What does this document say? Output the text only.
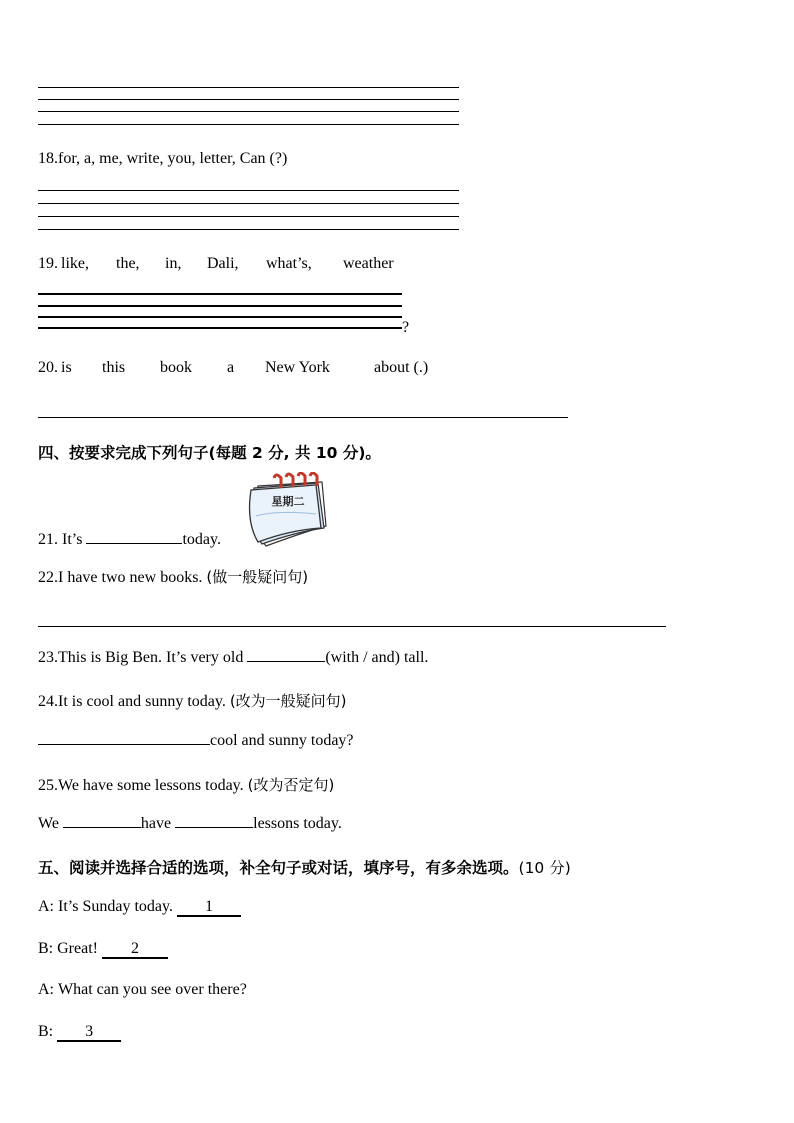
18.for, a, me, write, you, letter, Can (?)
19. like, the, in, Dali, what’s, weather
?
20. is this book a New York	about (.)
四、按要求完成下列句子(每题 2 分, 共 10 分)。
星期二
21. It’s	today.
22.I have two new books. (做一般疑问句)
23.This is Big Ben. It’s very old	(with / and) tall.
24.It is cool and sunny today. (改为一般疑问句)
cool and sunny today?
25.We have some lessons today. (改为否定句)
We	have	lessons today.
五、阅读并选择合适的选项，补全句子或对话，填序号，有多余选项。(10 分)
A: It’s Sunday today. 1
B: Great! 2
A: What can you see over there?
B: 3
